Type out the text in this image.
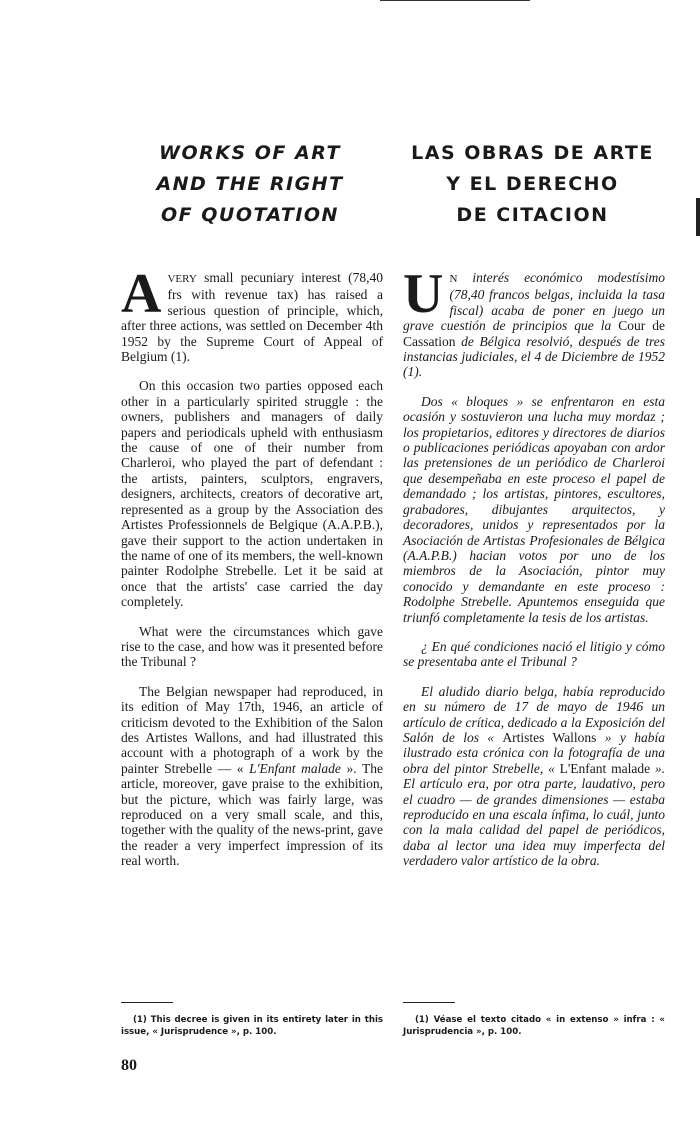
WORKS OF ART
AND THE RIGHT
OF QUOTATION
LAS OBRAS DE ARTE
Y EL DERECHO
DE CITACION

AVERY small pecuniary interest (78,40 frs with revenue tax) has raised a serious question of principle, which, after three actions, was settled on December 4th 1952 by the Supreme Court of Appeal of Belgium (1).

On this occasion two parties opposed each other in a particularly spirited struggle : the owners, publishers and managers of daily papers and periodicals upheld with enthusiasm the cause of one of their number from Charleroi, who played the part of defendant : the artists, painters, sculptors, engravers, designers, architects, creators of decorative art, represented as a group by the Association des Artistes Professionnels de Belgique (A.A.P.B.), gave their support to the action undertaken in the name of one of its members, the well-known painter Rodolphe Strebelle. Let it be said at once that the artists' case carried the day completely.

What were the circumstances which gave rise to the case, and how was it presented before the Tribunal ?

The Belgian newspaper had reproduced, in its edition of May 17th, 1946, an article of criticism devoted to the Exhibition of the Salon des Artistes Wallons, and had illustrated this account with a photograph of a work by the painter Strebelle — « L'Enfant malade ». The article, moreover, gave praise to the exhibition, but the picture, which was fairly large, was reproduced on a very small scale, and this, together with the quality of the news-print, gave the reader a very imperfect impression of its real worth.

U N interés económico modestísimo (78,40 francos belgas, incluida la tasa fiscal) acaba de poner en juego un grave cuestión de principios que la Cour de Cassation de Bélgica resolvió, después de tres instancias judiciales, el 4 de Diciembre de 1952 (1).

Dos « bloques » se enfrentaron en esta ocasión y sostuvieron una lucha muy mordaz ; los propietarios, editores y directores de diarios o publicaciones periódicas apoyaban con ardor las pretensiones de un periódico de Charleroi que desempeñaba en este proceso el papel de demandado ; los artistas, pintores, escultores, grabadores, dibujantes arquitectos, y decoradores, unidos y representados por la Asociación de Artistas Profesionales de Bélgica (A.A.P.B.) hacian votos por uno de los miembros de la Asociación, pintor muy conocido y demandante en este proceso : Rodolphe Strebelle. Apuntemos enseguida que triunfó completamente la tesis de los artistas.

¿ En qué condiciones nació el litigio y cómo se presentaba ante el Tribunal ?

El aludido diario belga, había reproducido en su número de 17 de mayo de 1946 un artículo de crítica, dedicado a la Exposición del Salón de los « Artistes Wallons » y había ilustrado esta crónica con la fotografía de una obra del pintor Strebelle, « L'Enfant malade ». El artículo era, por otra parte, laudativo, pero el cuadro — de grandes dimensiones — estaba reproducido en una escala ínfima, lo cuál, junto con la mala calidad del papel de periódicos, daba al lector una idea muy imperfecta del verdadero valor artístico de la obra.

(1) This decree is given in its entirety later in this issue, « Jurisprudence », p. 100.

(1) Véase el texto citado « in extenso » infra : « Jurisprudencia », p. 100.

80
